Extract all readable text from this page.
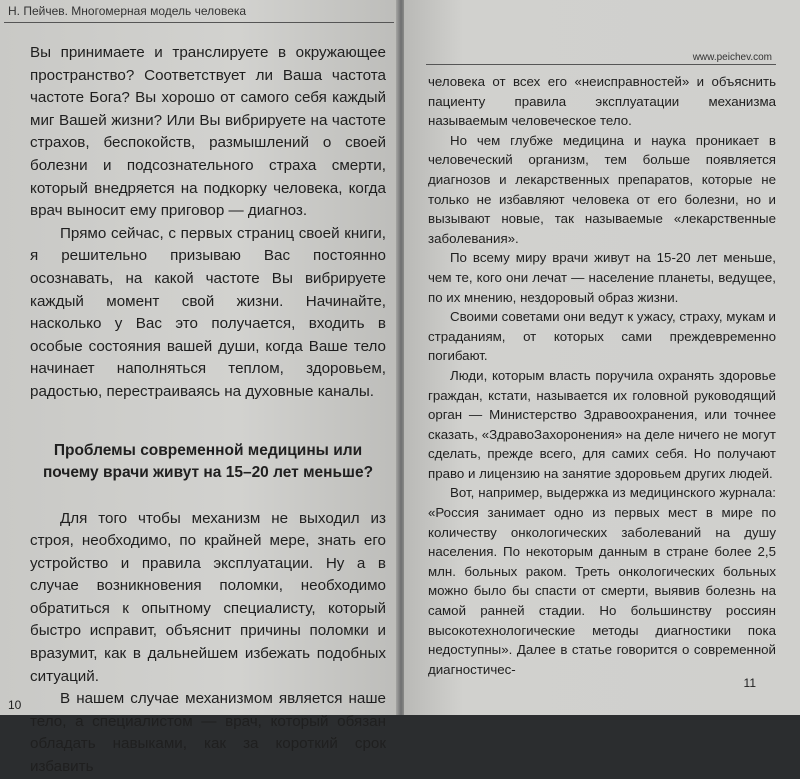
Н. Пейчев. Многомерная модель человека

Вы принимаете и транслируете в окружающее пространство? Соответствует ли Ваша частота частоте Бога? Вы хорошо от самого себя каждый миг Вашей жизни? Или Вы вибрируете на частоте страхов, беспокойств, размышлений о своей болезни и подсознательного страха смерти, который внедряется на подкорку человека, когда врач выносит ему приговор — диагноз.

Прямо сейчас, с первых страниц своей книги, я решительно призываю Вас постоянно осознавать, на какой частоте Вы вибрируете каждый момент свой жизни. Начинайте, насколько у Вас это получается, входить в особые состояния вашей души, когда Ваше тело начинает наполняться теплом, здоровьем, радостью, перестраиваясь на духовные каналы.

Проблемы современной медицины или почему врачи живут на 15–20 лет меньше?

Для того чтобы механизм не выходил из строя, необходимо, по крайней мере, знать его устройство и правила эксплуатации. Ну а в случае возникновения поломки, необходимо обратиться к опытному специалисту, который быстро исправит, объяснит причины поломки и вразумит, как в дальнейшем избежать подобных ситуаций.

В нашем случае механизмом является наше тело, а специалистом — врач, который обязан обладать навыками, как за короткий срок избавить

10
www.peichev.com

человека от всех его «неисправностей» и объяснить пациенту правила эксплуатации механизма называемым человеческое тело.

Но чем глубже медицина и наука проникает в человеческий организм, тем больше появляется диагнозов и лекарственных препаратов, которые не только не избавляют человека от его болезни, но и вызывают новые, так называемые «лекарственные заболевания».

По всему миру врачи живут на 15-20 лет меньше, чем те, кого они лечат — население планеты, ведущее, по их мнению, нездоровый образ жизни.

Своими советами они ведут к ужасу, страху, мукам и страданиям, от которых сами преждевременно погибают.

Люди, которым власть поручила охранять здоровье граждан, кстати, называется их головной руководящий орган — Министерство Здравоохранения, или точнее сказать, «ЗдравоЗахоронения» на деле ничего не могут сделать, прежде всего, для самих себя. Но получают право и лицензию на занятие здоровьем других людей.

Вот, например, выдержка из медицинского журнала: «Россия занимает одно из первых мест в мире по количеству онкологических заболеваний на душу населения. По некоторым данным в стране более 2,5 млн. больных раком. Треть онкологических больных можно было бы спасти от смерти, выявив болезнь на самой ранней стадии. Но большинству россиян высокотехнологические методы диагностики пока недоступны». Далее в статье говорится о современной диагностичес-

11
